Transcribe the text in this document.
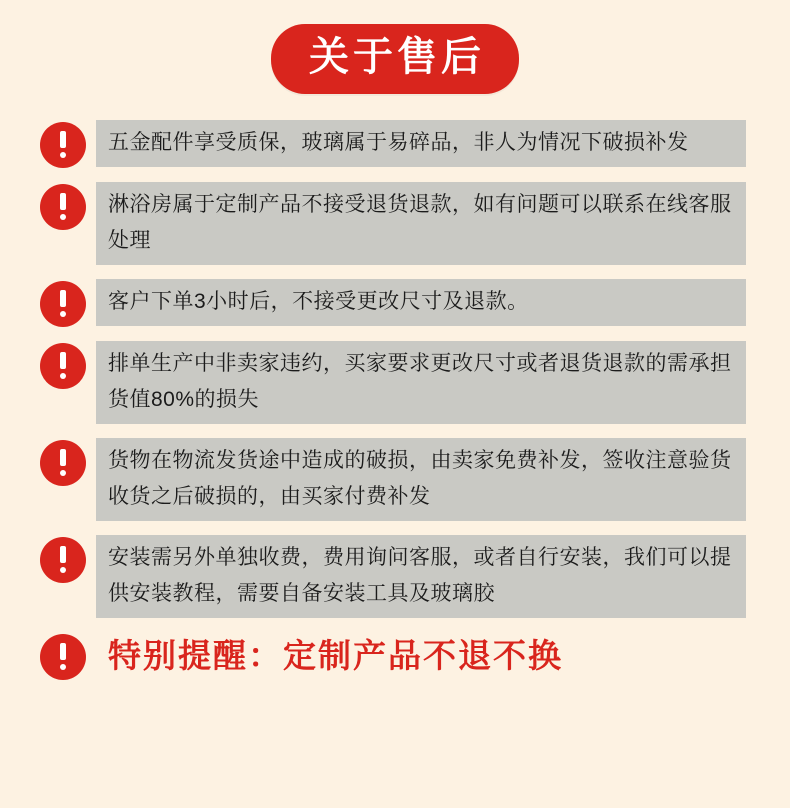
关于售后
五金配件享受质保，玻璃属于易碎品，非人为情况下破损补发
淋浴房属于定制产品不接受退货退款，如有问题可以联系在线客服处理
客户下单3小时后，不接受更改尺寸及退款。
排单生产中非卖家违约，买家要求更改尺寸或者退货退款的需承担货值80%的损失
货物在物流发货途中造成的破损，由卖家免费补发，签收注意验货收货之后破损的，由买家付费补发
安装需另外单独收费，费用询问客服，或者自行安装，我们可以提供安装教程，需要自备安装工具及玻璃胶
特别提醒：定制产品不退不换
